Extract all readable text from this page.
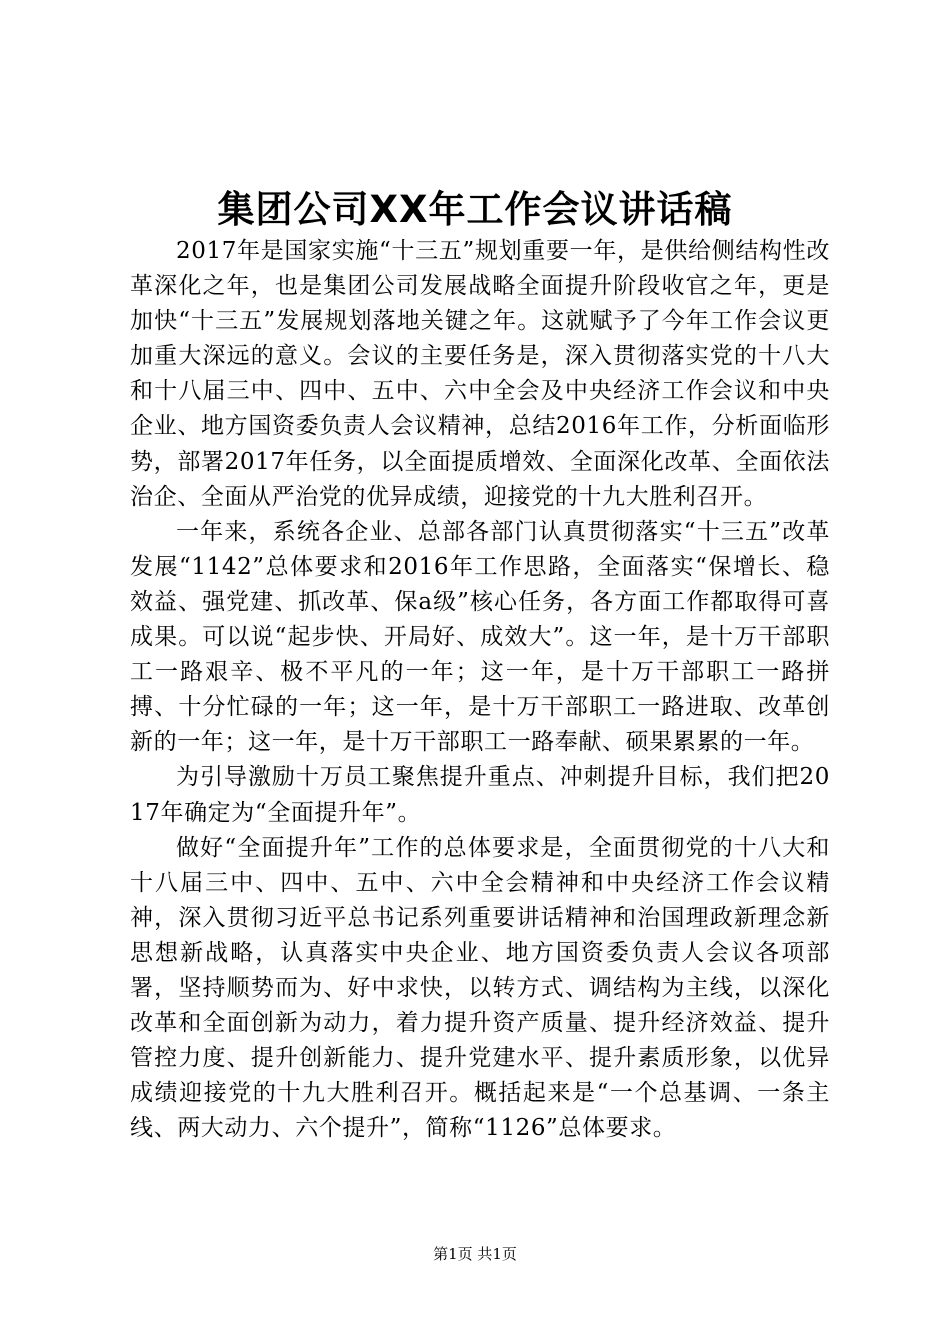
集团公司XX年工作会议讲话稿

2017年是国家实施“十三五”规划重要一年，是供给侧结构性改革深化之年，也是集团公司发展战略全面提升阶段收官之年，更是加快“十三五”发展规划落地关键之年。这就赋予了今年工作会议更加重大深远的意义。会议的主要任务是，深入贯彻落实党的十八大和十八届三中、四中、五中、六中全会及中央经济工作会议和中央企业、地方国资委负责人会议精神，总结2016年工作，分析面临形势，部署2017年任务，以全面提质增效、全面深化改革、全面依法治企、全面从严治党的优异成绩，迎接党的十九大胜利召开。

一年来，系统各企业、总部各部门认真贯彻落实“十三五”改革发展“1142”总体要求和2016年工作思路，全面落实“保增长、稳效益、强党建、抓改革、保a级”核心任务，各方面工作都取得可喜成果。可以说“起步快、开局好、成效大”。这一年，是十万干部职工一路艰辛、极不平凡的一年；这一年，是十万干部职工一路拼搏、十分忙碌的一年；这一年，是十万干部职工一路进取、改革创新的一年；这一年，是十万干部职工一路奉献、硕果累累的一年。

为引导激励十万员工聚焦提升重点、冲刺提升目标，我们把2017年确定为“全面提升年”。

做好“全面提升年”工作的总体要求是，全面贯彻党的十八大和十八届三中、四中、五中、六中全会精神和中央经济工作会议精神，深入贯彻习近平总书记系列重要讲话精神和治国理政新理念新思想新战略，认真落实中央企业、地方国资委负责人会议各项部署，坚持顺势而为、好中求快，以转方式、调结构为主线，以深化改革和全面创新为动力，着力提升资产质量、提升经济效益、提升管控力度、提升创新能力、提升党建水平、提升素质形象，以优异成绩迎接党的十九大胜利召开。概括起来是“一个总基调、一条主线、两大动力、六个提升”，简称“1126”总体要求。

第1页 共1页
